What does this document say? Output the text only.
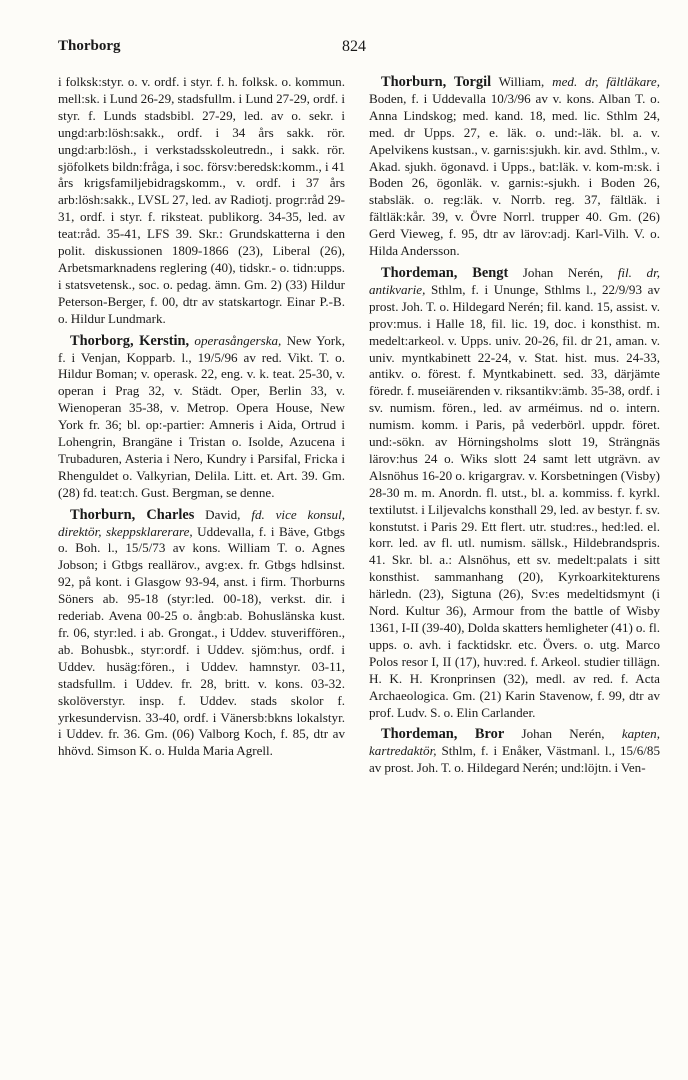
Thorborg	824

i folksk:styr. o. v. ordf. i styr. f. h. folksk. o. kommun. mell:sk. i Lund 26-29, stadsfullm. i Lund 27-29, ordf. i styr. f. Lunds stadsbibl. 27-29, led. av o. sekr. i ungd:arb:lösh:sakk., ordf. i 34 års sakk. rör. ungd:arb:lösh., i verkstadsskoleutredn., i sakk. rör. sjöfolkets bildn:fråga, i soc. försv:beredsk:komm., i 41 års krigsfamiljebidragskomm., v. ordf. i 37 års arb:lösh:sakk., LVSL 27, led. av Radiotj. progr:råd 29-31, ordf. i styr. f. riksteat. publikorg. 34-35, led. av teat:råd. 35-41, LFS 39. Skr.: Grundskatterna i den polit. diskussionen 1809-1866 (23), Liberal (26), Arbetsmarknadens reglering (40), tidskr.- o. tidn:upps. i statsvetensk., soc. o. pedag. ämn. Gm. 2) (33) Hildur Peterson-Berger, f. 00, dtr av statskartogr. Einar P.-B. o. Hildur Lundmark.

Thorborg, Kerstin, operasångerska, New York, f. i Venjan, Kopparb. l., 19/5/96 av red. Vikt. T. o. Hildur Boman; v. operask. 22, eng. v. k. teat. 25-30, v. operan i Prag 32, v. Städt. Oper, Berlin 33, v. Wienoperan 35-38, v. Metrop. Opera House, New York fr. 36; bl. op:-partier: Amneris i Aida, Ortrud i Lohengrin, Brangäne i Tristan o. Isolde, Azucena i Trubaduren, Asteria i Nero, Kundry i Parsifal, Fricka i Rhenguldet o. Valkyrian, Delila. Litt. et. Art. 39. Gm. (28) fd. teat:ch. Gust. Bergman, se denne.

Thorburn, Charles David, fd. vice konsul, direktör, skeppsklarerare, Uddevalla, f. i Bäve, Gtbgs o. Boh. l., 15/5/73 av kons. William T. o. Agnes Jobson; i Gtbgs reallärov., avg:ex. fr. Gtbgs hdlsinst. 92, på kont. i Glasgow 93-94, anst. i firm. Thorburns Söners ab. 95-18 (styr:led. 00-18), verkst. dir. i rederiab. Avena 00-25 o. ångb:ab. Bohuslänska kust. fr. 06, styr:led. i ab. Grongat., i Uddev. stuveriffören., ab. Bohusbk., styr:ordf. i Uddev. sjöm:hus, ordf. i Uddev. husäg:fören., i Uddev. hamnstyr. 03-11, stadsfullm. i Uddev. fr. 28, britt. v. kons. 03-32. skolöverstyr. insp. f. Uddev. stads skolor f. yrkesundervisn. 33-40, ordf. i Vänersb:bkns lokalstyr. i Uddev. fr. 36. Gm. (06) Valborg Koch, f. 85, dtr av hhövd. Simson K. o. Hulda Maria Agrell.

Thorburn, Torgil William, med. dr, fältläkare, Boden, f. i Uddevalla 10/3/96 av v. kons. Alban T. o. Anna Lindskog; med. kand. 18, med. lic. Sthlm 24, med. dr Upps. 27, e. läk. o. und:-läk. bl. a. v. Apelvikens kustsan., v. garnis:sjukh. kir. avd. Sthlm., v. Akad. sjukh. ögonavd. i Upps., bat:läk. v. kom-m:sk. i Boden 26, ögonläk. v. garnis:-sjukh. i Boden 26, stabsläk. o. reg:läk. v. Norrb. reg. 37, fältläk. i fältläk:kår. 39, v. Övre Norrl. trupper 40. Gm. (26) Gerd Vieweg, f. 95, dtr av lärov:adj. Karl-Vilh. V. o. Hilda Andersson.

Thordeman, Bengt Johan Nerén, fil. dr, antikvarie, Sthlm, f. i Ununge, Sthlms l., 22/9/93 av prost. Joh. T. o. Hildegard Nerén; fil. kand. 15, assist. v. prov:mus. i Halle 18, fil. lic. 19, doc. i konsthist. m. medelt:arkeol. v. Upps. univ. 20-26, fil. dr 21, aman. v. univ. myntkabinett 22-24, v. Stat. hist. mus. 24-33, antikv. o. förest. f. Myntkabinett. sed. 33, därjämte föredr. f. museiärenden v. riksantikv:ämb. 35-38, ordf. i sv. numism. fören., led. av arméimus. nd o. intern. numism. komm. i Paris, på vederbörl. uppdr. föret. und:-sökn. av Hörningsholms slott 19, Strängnäs lärov:hus 24 o. Wiks slott 24 samt lett utgrävn. av Alsnöhus 16-20 o. krigargrav. v. Korsbetningen (Visby) 28-30 m. m. Anordn. fl. utst., bl. a. kommiss. f. kyrkl. textilutst. i Liljevalchs konsthall 29, led. av bestyr. f. sv. konstutst. i Paris 29. Ett flert. utr. stud:res., hed:led. el. korr. led. av fl. utl. numism. sällsk., Hildebrandspris. 41. Skr. bl. a.: Alsnöhus, ett sv. medelt:palats i sitt konsthist. sammanhang (20), Kyrkoarkitekturens härledn. (23), Sigtuna (26), Sv:es medeltidsmynt (i Nord. Kultur 36), Armour from the battle of Wisby 1361, I-II (39-40), Dolda skatters hemligheter (41) o. fl. upps. o. avh. i facktidskr. etc. Övers. o. utg. Marco Polos resor I, II (17), huv:red. f. Arkeol. studier tillägn. H. K. H. Kronprinsen (32), medl. av red. f. Acta Archaeologica. Gm. (21) Karin Stavenow, f. 99, dtr av prof. Ludv. S. o. Elin Carlander.

Thordeman, Bror Johan Nerén, kapten, kartredaktör, Sthlm, f. i Enåker, Västmanl. l., 15/6/85 av prost. Joh. T. o. Hildegard Nerén; und:löjtn. i Ven-
